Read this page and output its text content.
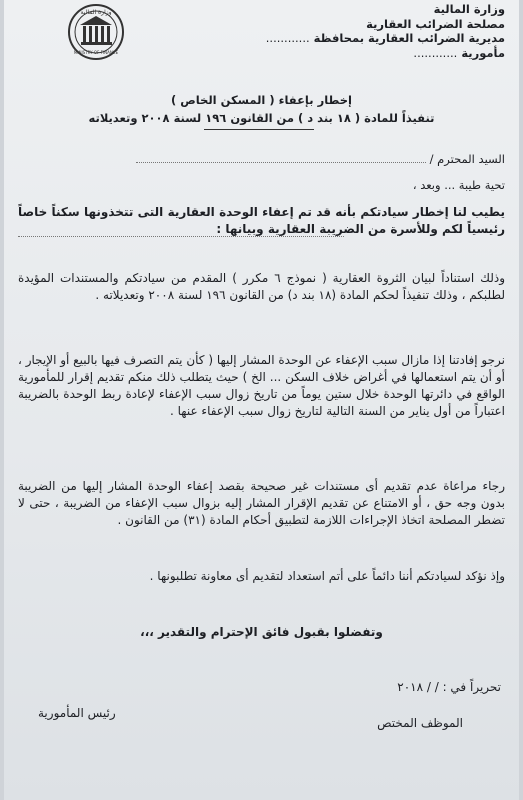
وزارة المالية
مصلحة الضرائب العقارية
مديرية الضرائب العقارية بمحافظة ............
مأمورية ............
وزارة المالية
MINISTRY OF FINANCE
إخطار بإعفاء ( المسكن الخاص )
تنفيذاً للمادة ( ١٨ بند د ) من القانون ١٩٦ لسنة ٢٠٠٨ وتعديلاته
السيد المحترم /
تحية طيبة ... وبعد ،
يطيب لنا إخطار سيادتكم بأنه قد تم إعفاء الوحدة العقارية التى تتخذونها سكناً خاصاً رئيسياً لكم وللأسرة من الضريبة العقارية وبيانها :
وذلك استناداً لبيان الثروة العقارية ( نموذج ٦ مكرر ) المقدم من سيادتكم والمستندات المؤيدة لطلبكم ، وذلك تنفيذاً لحكم المادة (١٨ بند د) من القانون ١٩٦ لسنة ٢٠٠٨ وتعديلاته .
نرجو إفادتنا إذا مازال سبب الإعفاء عن الوحدة المشار إليها ( كأن يتم التصرف فيها بالبيع أو الإيجار ، أو أن يتم استعمالها في أغراض خلاف السكن ... الخ ) حيث يتطلب ذلك منكم تقديم إقرار للمأمورية الواقع في دائرتها الوحدة خلال ستين يوماً من تاريخ زوال سبب الإعفاء لإعادة ربط الوحدة بالضريبة اعتباراً من أول يناير من السنة التالية لتاريخ زوال سبب الإعفاء عنها .
رجاء مراعاة عدم تقديم أى مستندات غير صحيحة بقصد إعفاء الوحدة المشار إليها من الضريبة بدون وجه حق ، أو الامتناع عن تقديم الإقرار المشار إليه بزوال سبب الإعفاء من الضريبة ، حتى لا تضطر المصلحة اتخاذ الإجراءات اللازمة لتطبيق أحكام المادة (٣١) من القانون .
وإذ نؤكد لسيادتكم أننا دائماً على أتم استعداد لتقديم أى معاونة تطلبونها .
وتفضلوا بقبول فائق الإحترام والتقدير ،،،
تحريراً في : / / ٢٠١٨
الموظف المختص
رئيس المأمورية
